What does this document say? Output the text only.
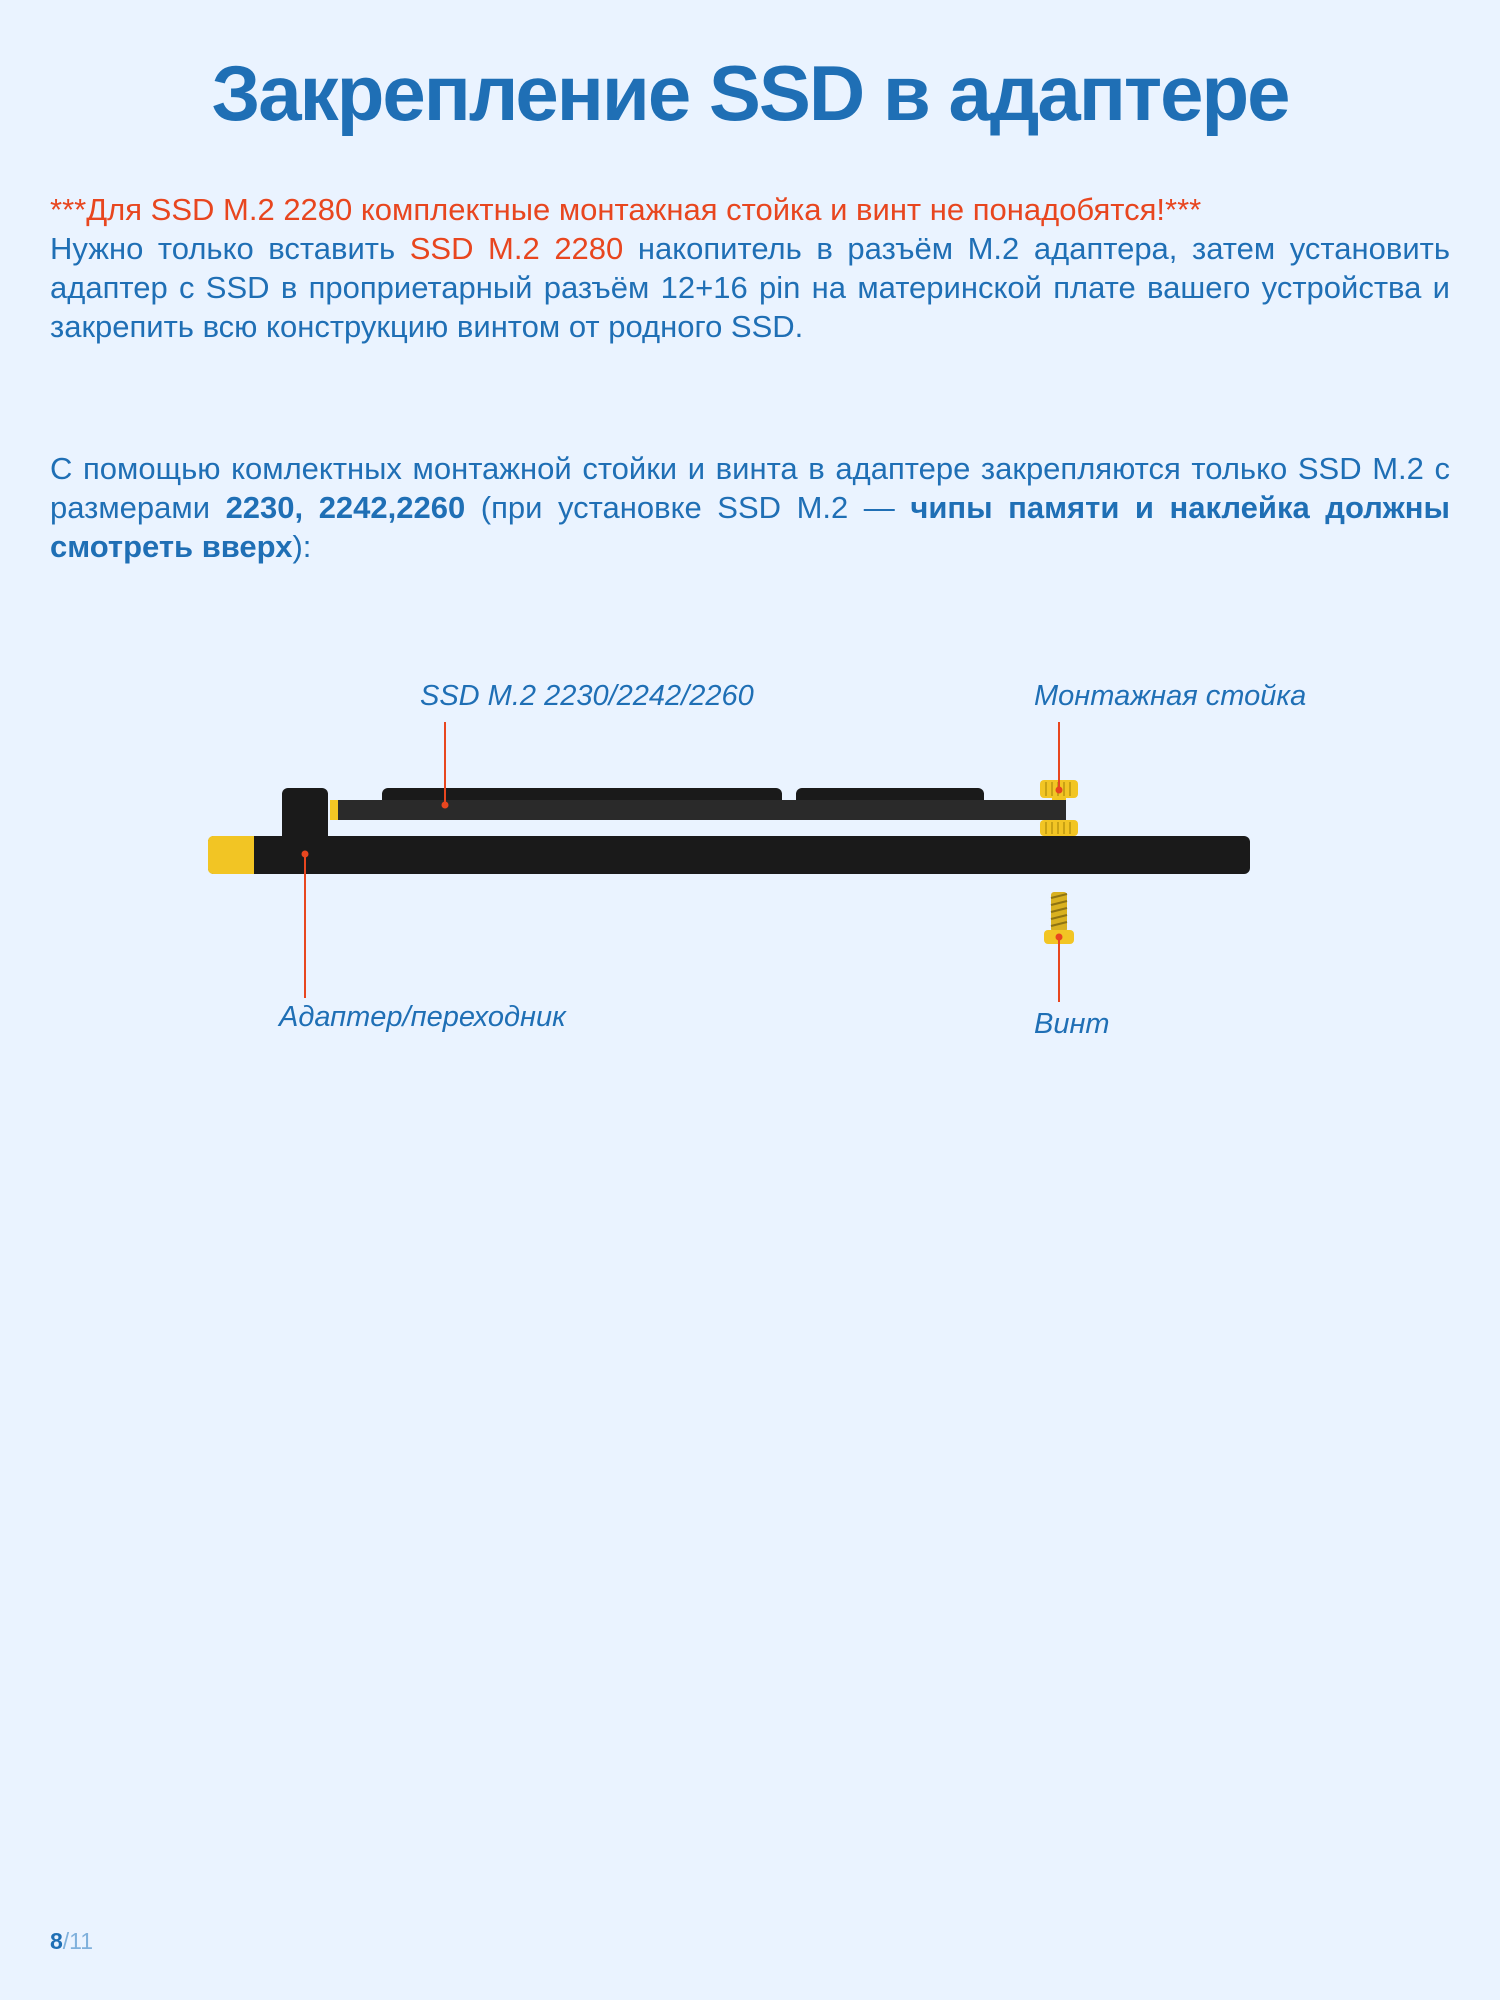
Закрепление SSD в адаптере

***Для SSD M.2 2280 комплектные монтажная стойка и винт не понадобятся!***
Нужно только вставить SSD M.2 2280 накопитель в разъём M.2 адаптера, затем установить адаптер с SSD в проприетарный разъём 12+16 pin на материнской плате вашего устройства и закрепить всю конструкцию винтом от родного SSD.

С помощью комлектных монтажной стойки и винта в адаптере закрепляются только SSD M.2 с размерами 2230, 2242,2260 (при установке SSD M.2 — чипы памяти и наклейка должны смотреть вверх):

SSD M.2 2230/2242/2260	Монтажная стойка
Адаптер/переходник	Винт
8/11
